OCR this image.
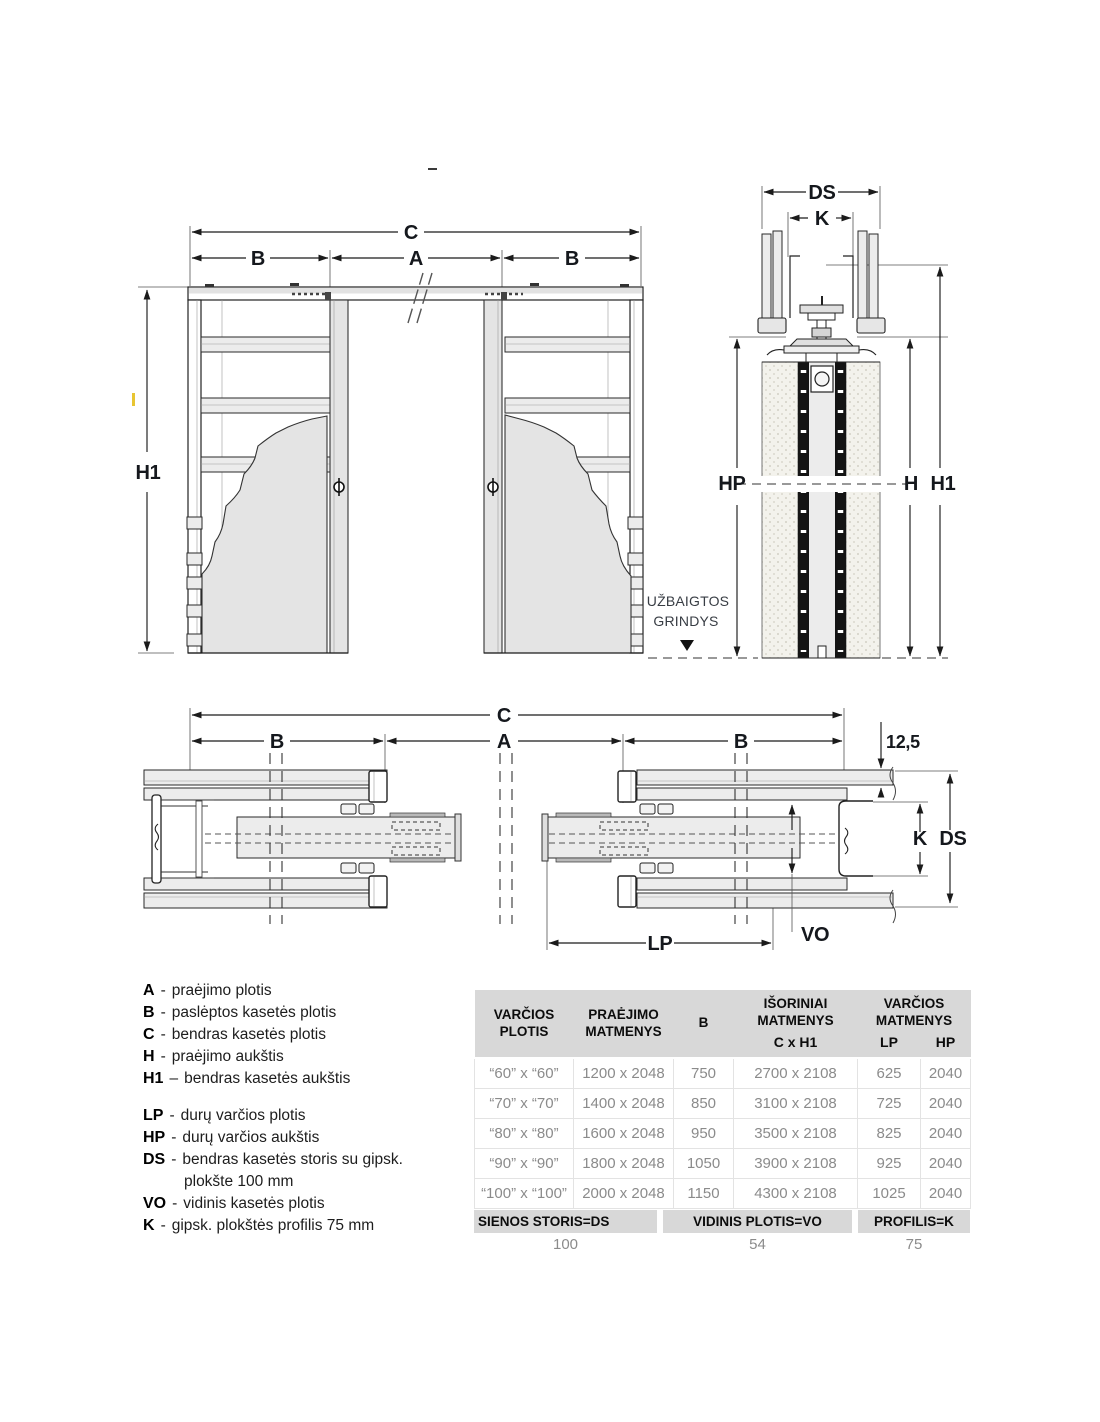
C
B	A	B
H1
DS
K
HP	H H1
UŽBAIGTOS
GRINDYS
C
B	A	B	12,5
VO
K DS
LP
A - praėjimo plotis
B - paslėptos kasetės plotis
C - bendras kasetės plotis
H - praėjimo aukštis
H1 – bendras kasetės aukštis
LP - durų varčios plotis
HP - durų varčios aukštis
DS - bendras kasetės storis su gipsk.
plokšte 100 mm
VO - vidinis kasetės plotis
K - gipsk. plokštės profilis 75 mm
VARČIOS PLOTIS	PRAĖJIMO MATMENYS	B	IŠORINIAI MATMENYS	VARČIOS MATMENYS	
			C x H1	LP	HP
“60” x “60”	1200 x 2048	750	2700 x 2108	625	2040
“70” x “70”	1400 x 2048	850	3100 x 2108	725	2040
“80” x “80”	1600 x 2048	950	3500 x 2108	825	2040
“90” x “90”	1800 x 2048	1050	3900 x 2108	925	2040
“100” x “100”	2000 x 2048	1150	4300 x 2108	1025	2040
SIENOS STORIS=DS	VIDINIS PLOTIS=VO	PROFILIS=K
100	54	75
